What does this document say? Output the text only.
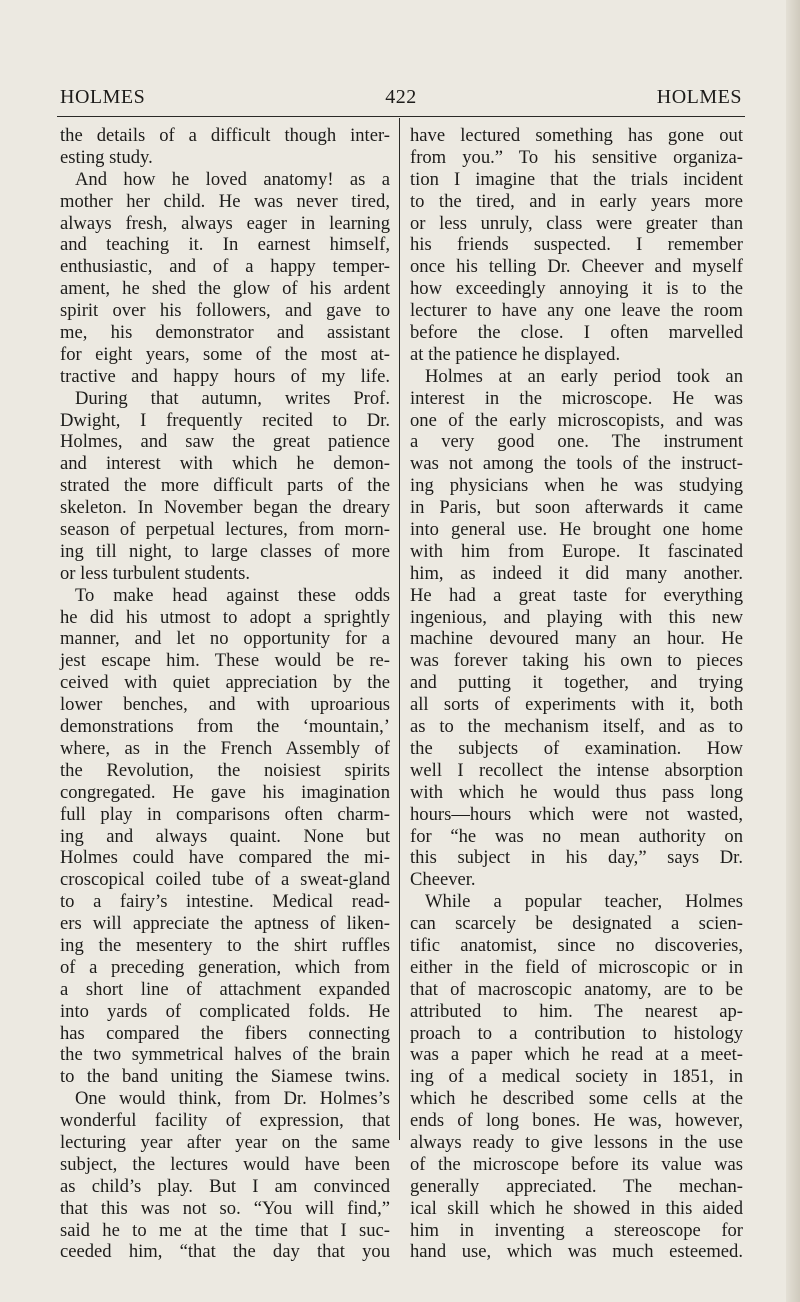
HOLMES	422	HOLMES
the details of a difficult though inter-
esting study.
And how he loved anatomy! as a
mother her child. He was never tired,
always fresh, always eager in learning
and teaching it. In earnest himself,
enthusiastic, and of a happy temper-
ament, he shed the glow of his ardent
spirit over his followers, and gave to
me, his demonstrator and assistant
for eight years, some of the most at-
tractive and happy hours of my life.
During that autumn, writes Prof.
Dwight, I frequently recited to Dr.
Holmes, and saw the great patience
and interest with which he demon-
strated the more difficult parts of the
skeleton. In November began the dreary
season of perpetual lectures, from morn-
ing till night, to large classes of more
or less turbulent students.
To make head against these odds
he did his utmost to adopt a sprightly
manner, and let no opportunity for a
jest escape him. These would be re-
ceived with quiet appreciation by the
lower benches, and with uproarious
demonstrations from the ‘mountain,’
where, as in the French Assembly of
the Revolution, the noisiest spirits
congregated. He gave his imagination
full play in comparisons often charm-
ing and always quaint. None but
Holmes could have compared the mi-
croscopical coiled tube of a sweat-gland
to a fairy’s intestine. Medical read-
ers will appreciate the aptness of liken-
ing the mesentery to the shirt ruffles
of a preceding generation, which from
a short line of attachment expanded
into yards of complicated folds. He
has compared the fibers connecting
the two symmetrical halves of the brain
to the band uniting the Siamese twins.
One would think, from Dr. Holmes’s
wonderful facility of expression, that
lecturing year after year on the same
subject, the lectures would have been
as child’s play. But I am convinced
that this was not so. “You will find,”
said he to me at the time that I suc-
ceeded him, “that the day that you
have lectured something has gone out
from you.” To his sensitive organiza-
tion I imagine that the trials incident
to the tired, and in early years more
or less unruly, class were greater than
his friends suspected. I remember
once his telling Dr. Cheever and myself
how exceedingly annoying it is to the
lecturer to have any one leave the room
before the close. I often marvelled
at the patience he displayed.
Holmes at an early period took an
interest in the microscope. He was
one of the early microscopists, and was
a very good one. The instrument
was not among the tools of the instruct-
ing physicians when he was studying
in Paris, but soon afterwards it came
into general use. He brought one home
with him from Europe. It fascinated
him, as indeed it did many another.
He had a great taste for everything
ingenious, and playing with this new
machine devoured many an hour. He
was forever taking his own to pieces
and putting it together, and trying
all sorts of experiments with it, both
as to the mechanism itself, and as to
the subjects of examination. How
well I recollect the intense absorption
with which he would thus pass long
hours—hours which were not wasted,
for “he was no mean authority on
this subject in his day,” says Dr.
Cheever.
While a popular teacher, Holmes
can scarcely be designated a scien-
tific anatomist, since no discoveries,
either in the field of microscopic or in
that of macroscopic anatomy, are to be
attributed to him. The nearest ap-
proach to a contribution to histology
was a paper which he read at a meet-
ing of a medical society in 1851, in
which he described some cells at the
ends of long bones. He was, however,
always ready to give lessons in the use
of the microscope before its value was
generally appreciated. The mechan-
ical skill which he showed in this aided
him in inventing a stereoscope for
hand use, which was much esteemed.
